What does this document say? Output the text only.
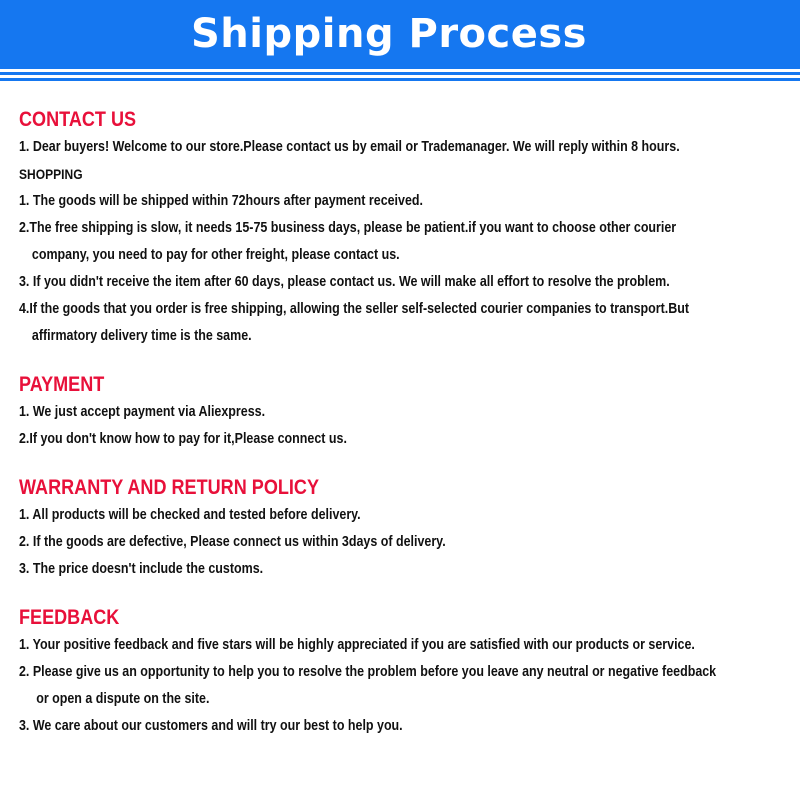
Shipping Process
CONTACT US
1. Dear buyers! Welcome to our store.Please contact us by email or Trademanager. We will reply within 8 hours.
SHOPPING
1. The goods will be shipped within 72hours after payment received.
2.The free shipping is slow, it needs 15-75 business days, please be patient.if you want to choose other courier
company, you need to pay for other freight, please contact us.
3. If you didn't receive the item after 60 days, please contact us. We will make all effort to resolve the problem.
4.If the goods that you order is free shipping, allowing the seller self-selected courier companies to transport.But
affirmatory delivery time is the same.
PAYMENT
1. We just accept payment via Aliexpress.
2.If you don't know how to pay for it,Please connect us.
WARRANTY AND RETURN POLICY
1. All products will be checked and tested before delivery.
2. If the goods are defective, Please connect us within 3days of delivery.
3. The price doesn't include the customs.
FEEDBACK
1. Your positive feedback and five stars will be highly appreciated if you are satisfied with our products or service.
2. Please give us an opportunity to help you to resolve the problem before you leave any neutral or negative feedback
or open a dispute on the site.
3. We care about our customers and will try our best to help you.
